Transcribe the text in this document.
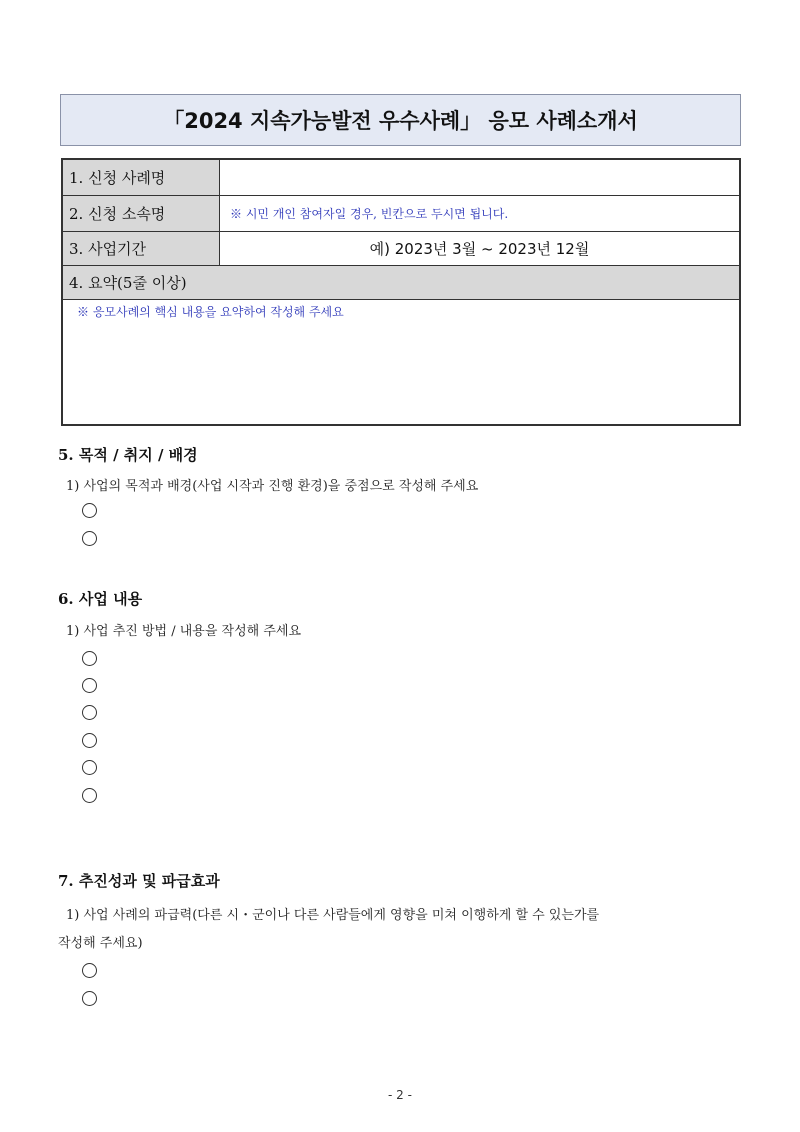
「2024 지속가능발전 우수사례」 응모 사례소개서
1. 신청 사례명
2. 신청 소속명	※ 시민 개인 참여자일 경우, 빈칸으로 두시면 됩니다.
3. 사업기간	예) 2023년 3월 ~ 2023년 12월
4. 요약(5줄 이상)
※ 응모사례의 핵심 내용을 요약하여 작성해 주세요
5. 목적 / 취지 / 배경
1) 사업의 목적과 배경(사업 시작과 진행 환경)을 중점으로 작성해 주세요
6. 사업 내용
1) 사업 추진 방법 / 내용을 작성해 주세요
7. 추진성과 및 파급효과
1) 사업 사례의 파급력(다른 시・군이나 다른 사람들에게 영향을 미쳐 이행하게 할 수 있는가를
작성해 주세요)
- 2 -
